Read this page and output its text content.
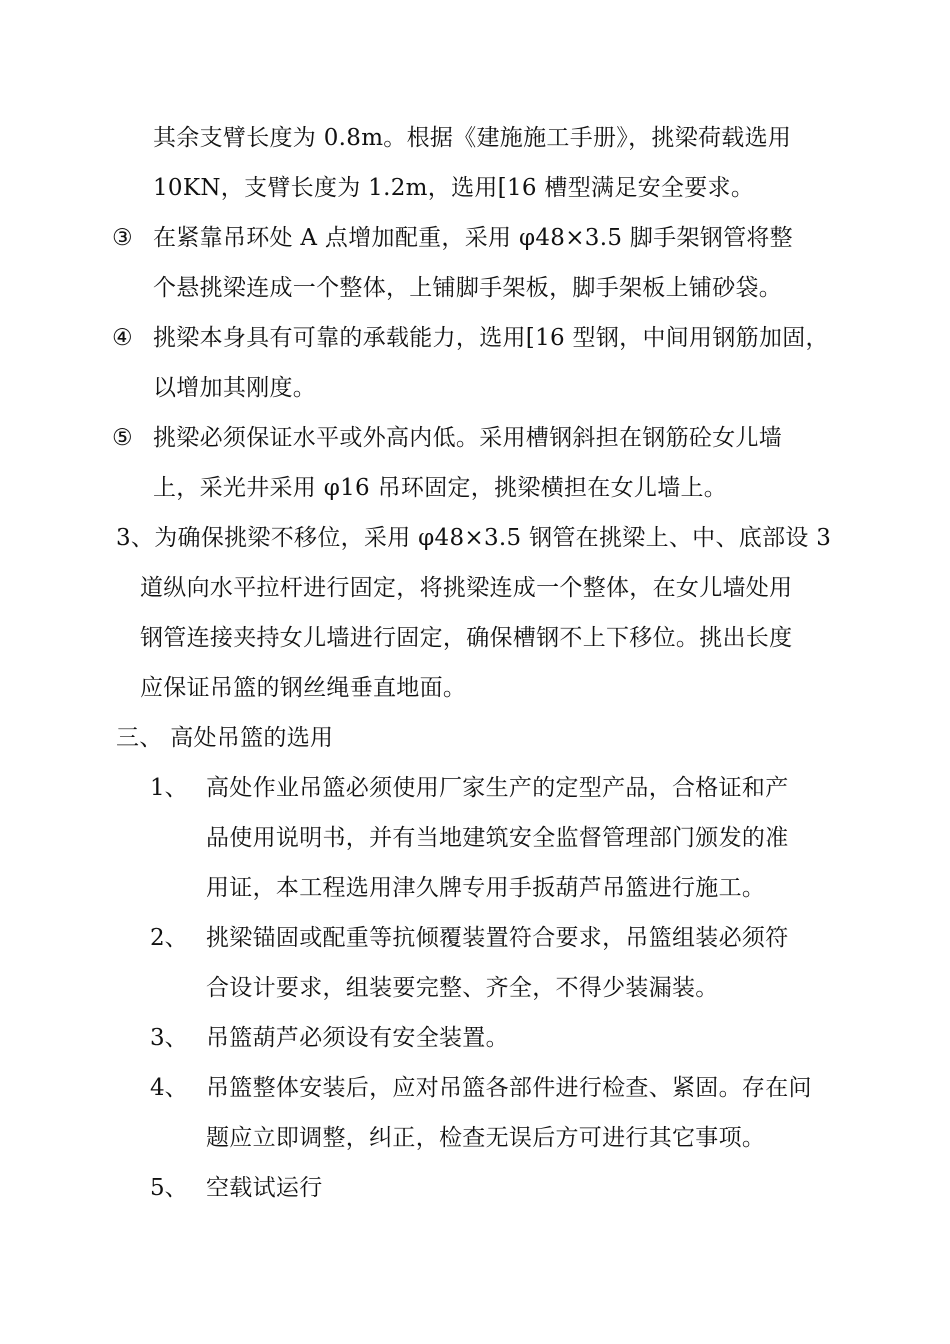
其余支臂长度为 0.8m。根据《建施施工手册》，挑梁荷载选用
10KN，支臂长度为 1.2m，选用[16 槽型满足安全要求。
③ 在紧靠吊环处 A 点增加配重，采用 φ48×3.5 脚手架钢管将整
个悬挑梁连成一个整体，上铺脚手架板，脚手架板上铺砂袋。
④ 挑梁本身具有可靠的承载能力，选用[16 型钢，中间用钢筋加固，
以增加其刚度。
⑤ 挑梁必须保证水平或外高内低。采用槽钢斜担在钢筋砼女儿墙
上，采光井采用 φ16 吊环固定，挑梁横担在女儿墙上。
3、为确保挑梁不移位，采用 φ48×3.5 钢管在挑梁上、中、底部设 3
道纵向水平拉杆进行固定，将挑梁连成一个整体，在女儿墙处用
钢管连接夹持女儿墙进行固定，确保槽钢不上下移位。挑出长度
应保证吊篮的钢丝绳垂直地面。
三、 高处吊篮的选用
1、 高处作业吊篮必须使用厂家生产的定型产品，合格证和产
品使用说明书，并有当地建筑安全监督管理部门颁发的准
用证，本工程选用津久牌专用手扳葫芦吊篮进行施工。
2、 挑梁锚固或配重等抗倾覆装置符合要求，吊篮组装必须符
合设计要求，组装要完整、齐全，不得少装漏装。
3、 吊篮葫芦必须设有安全装置。
4、 吊篮整体安装后，应对吊篮各部件进行检查、紧固。存在问
题应立即调整，纠正，检查无误后方可进行其它事项。
5、 空载试运行
